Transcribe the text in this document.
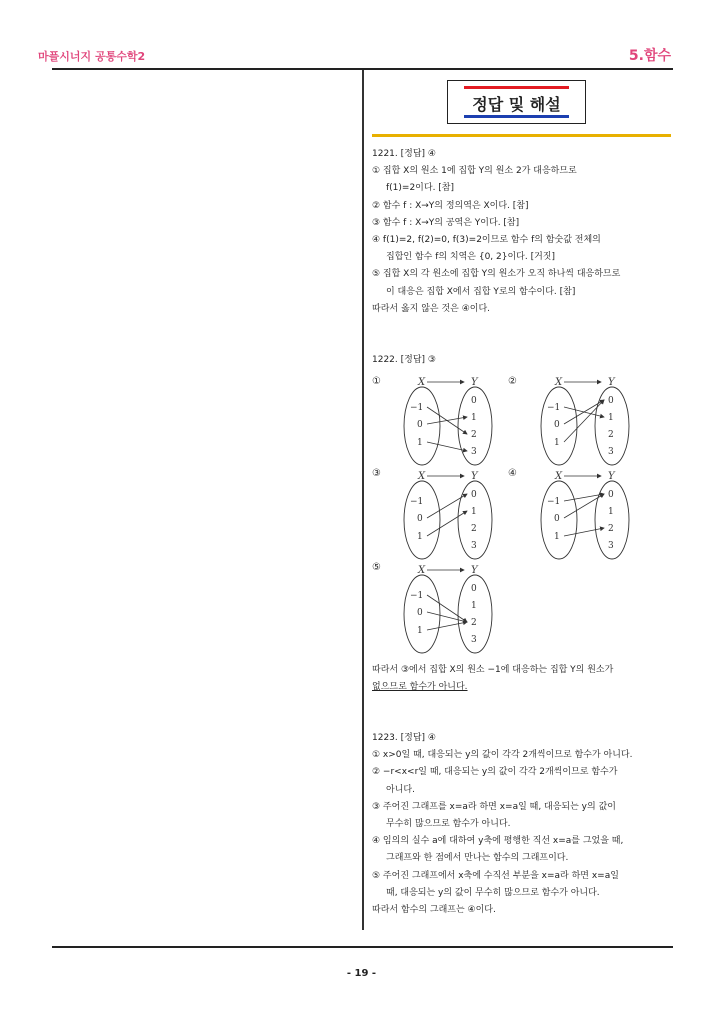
마플시너지 공통수학2	5.함수
정답 및 해설

1221. [정답] ④

① 집합 X의 원소 1에 집합 Y의 원소 2가 대응하므로

f(1)=2이다. [참]

② 함수 f : X→Y의 정의역은 X이다. [참]

③ 함수 f : X→Y의 공역은 Y이다. [참]

④ f(1)=2, f(2)=0, f(3)=2이므로 함수 f의 함숫값 전체의

집합인 함수 f의 치역은 {0, 2}이다. [거짓]

⑤ 집합 X의 각 원소에 집합 Y의 원소가 오직 하나씩 대응하므로

이 대응은 집합 X에서 집합 Y로의 함수이다. [참]

따라서 옳지 않은 것은 ④이다.

1222. [정답] ③

①	②
③	④
⑤
X	Y
−1
0
1
0
1
2
3
X	Y
−1
0
1
0
1
2
3
X	Y
−1
0
1
0
1
2
3
X	Y
−1
0
1
0
1
2
3
X	Y
−1
0
1
0
1
2
3

따라서 ③에서 집합 X의 원소 −1에 대응하는 집합 Y의 원소가

없으므로 함수가 아니다.

1223. [정답] ④

① x>0일 때, 대응되는 y의 값이 각각 2개씩이므로 함수가 아니다.

② −r<x<r일 때, 대응되는 y의 값이 각각 2개씩이므로 함수가

아니다.

③ 주어진 그래프를 x=a라 하면 x=a일 때, 대응되는 y의 값이

무수히 많으므로 함수가 아니다.

④ 임의의 실수 a에 대하여 y축에 평행한 직선 x=a를 그었을 때,

그래프와 한 점에서 만나는 함수의 그래프이다.

⑤ 주어진 그래프에서 x축에 수직선 부분을 x=a라 하면 x=a일

때, 대응되는 y의 값이 무수히 많으므로 함수가 아니다.

따라서 함수의 그래프는 ④이다.

- 19 -
